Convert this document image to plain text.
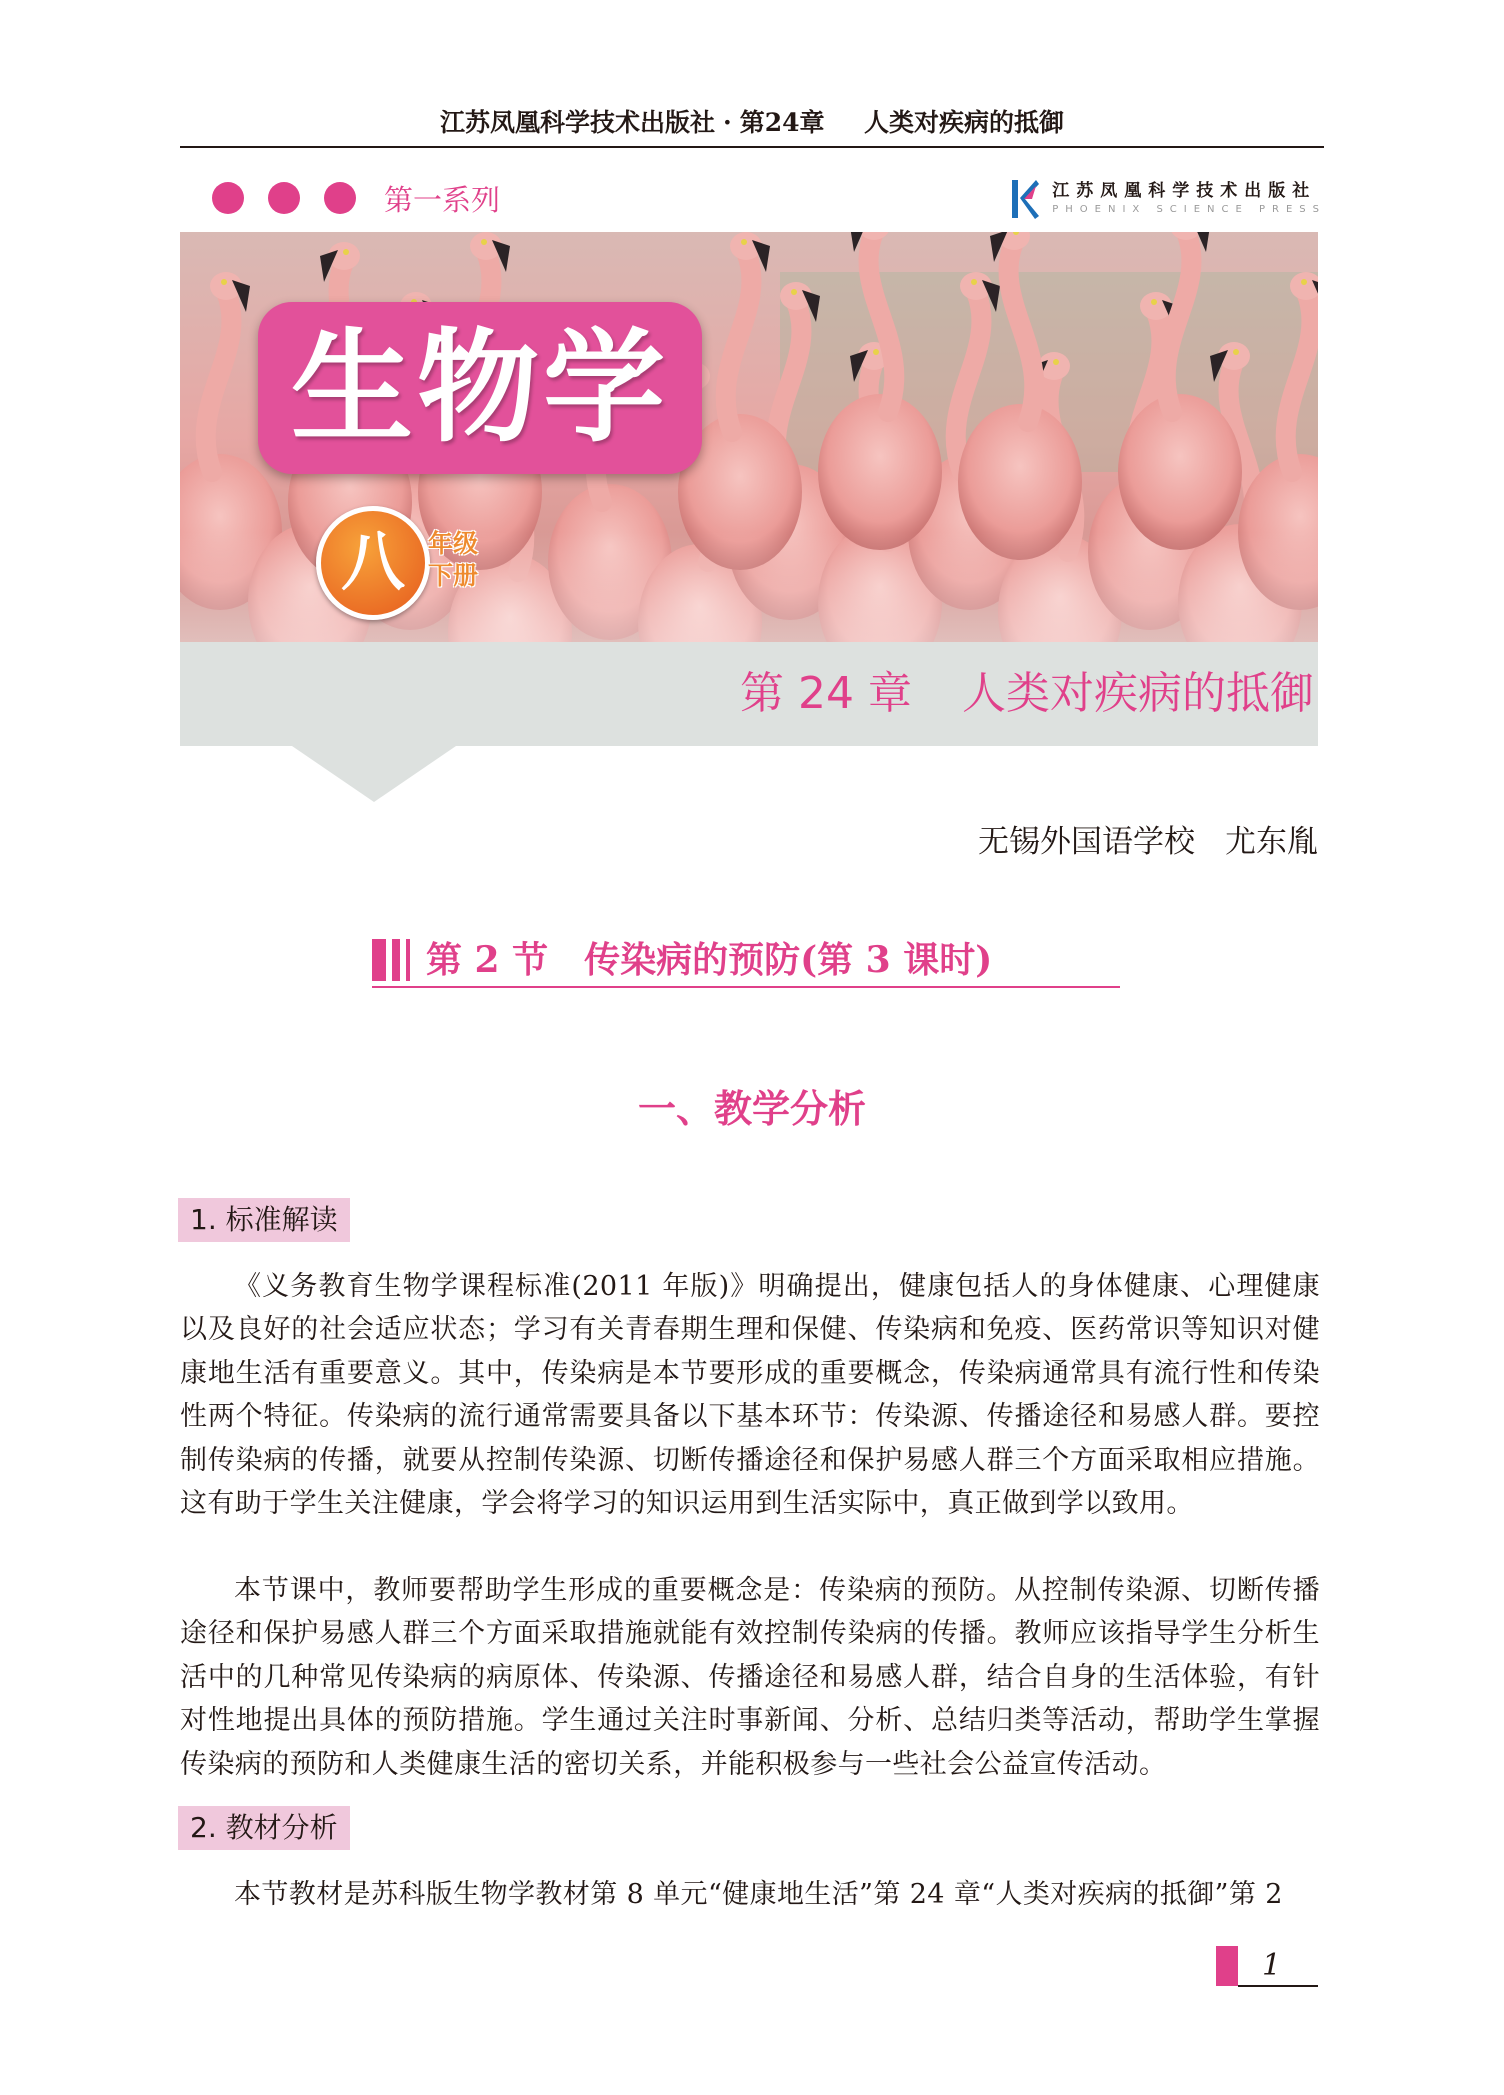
江苏凤凰科学技术出版社 · 第24章 人类对疾病的抵御
第一系列	江苏凤凰科学技术出版社
PHOENIX SCIENCE PRESS
生物学
八 年级
下册
第 24 章 人类对疾病的抵御
无锡外国语学校 尤东胤
第 2 节　传染病的预防(第 3 课时)
一、教学分析
1. 标准解读
《义务教育生物学课程标准(2011 年版)》明确提出，健康包括人的身体健康、心理健康以及良好的社会适应状态；学习有关青春期生理和保健、传染病和免疫、医药常识等知识对健康地生活有重要意义。其中，传染病是本节要形成的重要概念，传染病通常具有流行性和传染性两个特征。传染病的流行通常需要具备以下基本环节：传染源、传播途径和易感人群。要控制传染病的传播，就要从控制传染源、切断传播途径和保护易感人群三个方面采取相应措施。这有助于学生关注健康，学会将学习的知识运用到生活实际中，真正做到学以致用。
本节课中，教师要帮助学生形成的重要概念是：传染病的预防。从控制传染源、切断传播途径和保护易感人群三个方面采取措施就能有效控制传染病的传播。教师应该指导学生分析生活中的几种常见传染病的病原体、传染源、传播途径和易感人群，结合自身的生活体验，有针对性地提出具体的预防措施。学生通过关注时事新闻、分析、总结归类等活动，帮助学生掌握传染病的预防和人类健康生活的密切关系，并能积极参与一些社会公益宣传活动。
2. 教材分析
本节教材是苏科版生物学教材第 8 单元“健康地生活”第 24 章“人类对疾病的抵御”第 2
1
